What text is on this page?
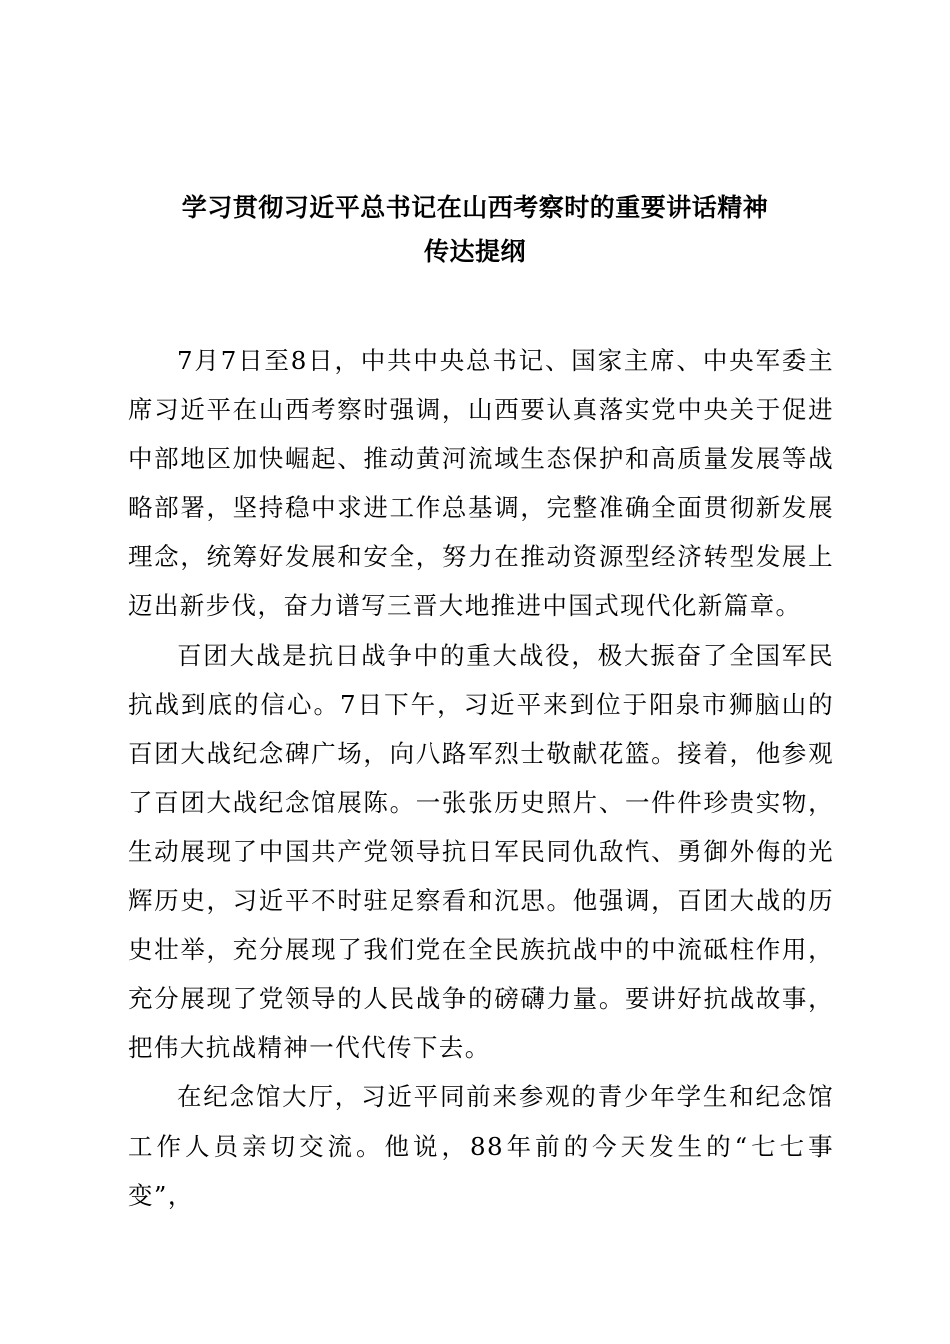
学习贯彻习近平总书记在山西考察时的重要讲话精神
传达提纲

7月7日至8日，中共中央总书记、国家主席、中央军委主席习近平在山西考察时强调，山西要认真落实党中央关于促进中部地区加快崛起、推动黄河流域生态保护和高质量发展等战略部署，坚持稳中求进工作总基调，完整准确全面贯彻新发展理念，统筹好发展和安全，努力在推动资源型经济转型发展上迈出新步伐，奋力谱写三晋大地推进中国式现代化新篇章。

百团大战是抗日战争中的重大战役，极大振奋了全国军民抗战到底的信心。7日下午，习近平来到位于阳泉市狮脑山的百团大战纪念碑广场，向八路军烈士敬献花篮。接着，他参观了百团大战纪念馆展陈。一张张历史照片、一件件珍贵实物，生动展现了中国共产党领导抗日军民同仇敌忾、勇御外侮的光辉历史，习近平不时驻足察看和沉思。他强调，百团大战的历史壮举，充分展现了我们党在全民族抗战中的中流砥柱作用，充分展现了党领导的人民战争的磅礴力量。要讲好抗战故事，把伟大抗战精神一代代传下去。

在纪念馆大厅，习近平同前来参观的青少年学生和纪念馆工作人员亲切交流。他说，88年前的今天发生的“七七事变”，
